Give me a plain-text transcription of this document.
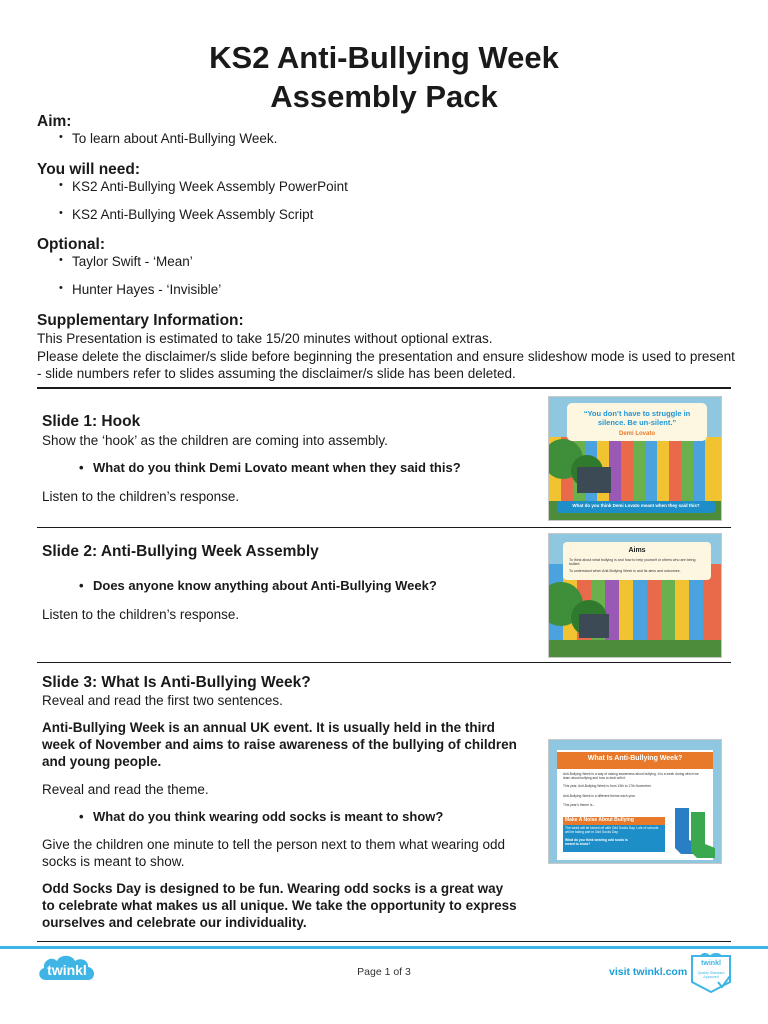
KS2 Anti-Bullying Week
Assembly Pack
Aim:
• To learn about Anti-Bullying Week.
You will need:
• KS2 Anti-Bullying Week Assembly PowerPoint
• KS2 Anti-Bullying Week Assembly Script
Optional:
• Taylor Swift - ‘Mean’
• Hunter Hayes - ‘Invisible’
Supplementary Information:
This Presentation is estimated to take 15/20 minutes without optional extras.
Please delete the disclaimer/s slide before beginning the presentation and ensure slideshow mode is used to present - slide numbers refer to slides assuming the disclaimer/s slide has been deleted.
Slide 1: Hook
Show the ‘hook’ as the children are coming into assembly.
• What do you think Demi Lovato meant when they said this?
Listen to the children’s response.
“You don’t have to struggle in silence. Be un-silent.”
Demi Lovato
What do you think Demi Lovato meant when they said this?
Slide 2: Anti-Bullying Week Assembly
• Does anyone know anything about Anti-Bullying Week?
Listen to the children’s response.
Aims
To think about what bullying is and how to help yourself or others who are being bullied.
To understand when Anti-Bullying Week is and its aims and outcomes.
Slide 3: What Is Anti-Bullying Week?
Reveal and read the first two sentences.
Anti-Bullying Week is an annual UK event. It is usually held in the third week of November and aims to raise awareness of the bullying of children and young people.
Reveal and read the theme.
• What do you think wearing odd socks is meant to show?
Give the children one minute to tell the person next to them what wearing odd socks is meant to show.
Odd Socks Day is designed to be fun. Wearing odd socks is a great way to celebrate what makes us all unique. We take the opportunity to express ourselves and celebrate our individuality.
What Is Anti-Bullying Week?
Anti-Bullying Week is a way of raising awareness about bullying. It is a week during which we learn about bullying and how to deal with it.
This year, Anti-Bullying Week is from 13th to 17th November.
Anti-Bullying Week is a different theme each year.
This year’s theme is...
Make A Noise About Bullying
The week will be kicked off with Odd Socks Day. Lots of schools will be taking part in Odd Socks Day.
What do you think wearing odd socks is meant to show?
twinkl	Page 1 of 3	visit twinkl.com
twinkl
Quality Standard Approved
